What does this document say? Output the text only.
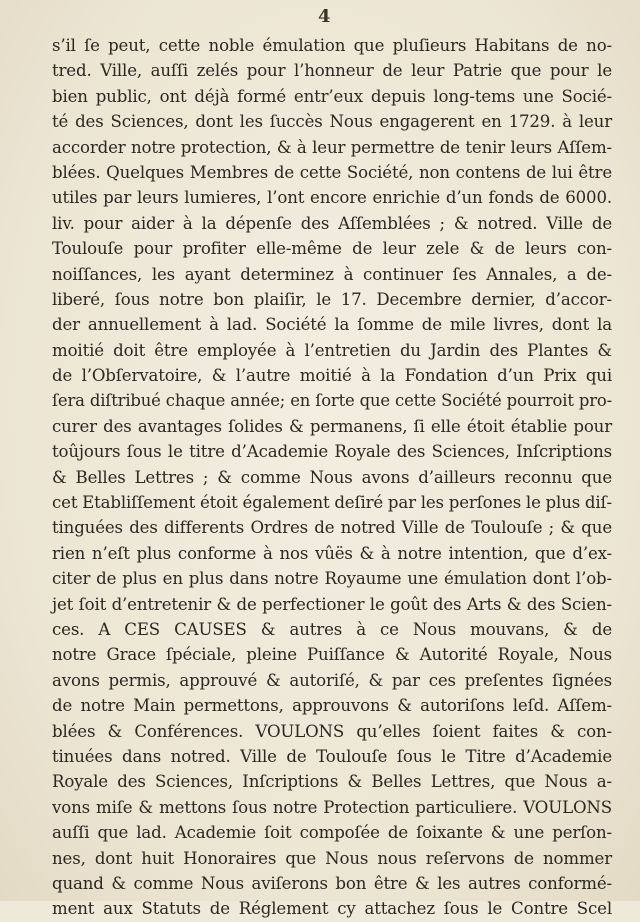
4
s’il ſe peut, cette noble émulation que pluſieurs Habitans de no-
tred. Ville, auſſi zelés pour l’honneur de leur Patrie que pour le
bien public, ont déjà formé entr’eux depuis long-tems une Socié-
té des Sciences, dont les ſuccès Nous engagerent en 1729. à leur
accorder notre protection, & à leur permettre de tenir leurs Aſſem-
blées. Quelques Membres de cette Société, non contens de lui être
utiles par leurs lumieres, l’ont encore enrichie d’un fonds de 6000.
liv. pour aider à la dépenſe des Aſſemblées ; & notred. Ville de
Toulouſe pour profiter elle-même de leur zele & de leurs con-
noiſſances, les ayant determinez à continuer ſes Annales, a de-
liberé, ſous notre bon plaiſir, le 17. Decembre dernier, d’accor-
der annuellement à lad. Société la ſomme de mile livres, dont la
moitié doit être employée à l’entretien du Jardin des Plantes &
de l’Obſervatoire, & l’autre moitié à la Fondation d’un Prix qui
ſera diſtribué chaque année; en ſorte que cette Société pourroit pro-
curer des avantages ſolides & permanens, ſi elle étoit établie pour
toûjours ſous le titre d’Academie Royale des Sciences, Inſcriptions
& Belles Lettres ; & comme Nous avons d’ailleurs reconnu que
cet Etabliſſement étoit également deſiré par les perſones le plus diſ-
tinguées des differents Ordres de notred Ville de Toulouſe ; & que
rien n’eſt plus conforme à nos vûës & à notre intention, que d’ex-
citer de plus en plus dans notre Royaume une émulation dont l’ob-
jet ſoit d’entretenir & de perfectioner le goût des Arts & des Scien-
ces. A CES CAUSES & autres à ce Nous mouvans, & de
notre Grace ſpéciale, pleine Puiſſance & Autorité Royale, Nous
avons permis, approuvé & autoriſé, & par ces preſentes ſignées
de notre Main permettons, approuvons & autoriſons leſd. Aſſem-
blées & Conférences. VOULONS qu’elles ſoient faites & con-
tinuées dans notred. Ville de Toulouſe ſous le Titre d’Academie
Royale des Sciences, Inſcriptions & Belles Lettres, que Nous a-
vons miſe & mettons ſous notre Protection particuliere. VOULONS
auſſi que lad. Academie ſoit compoſée de ſoixante & une perſon-
nes, dont huit Honoraires que Nous nous reſervons de nommer
quand & comme Nous aviſerons bon être & les autres conformé-
ment aux Statuts de Réglement cy attachez ſous le Contre Scel
